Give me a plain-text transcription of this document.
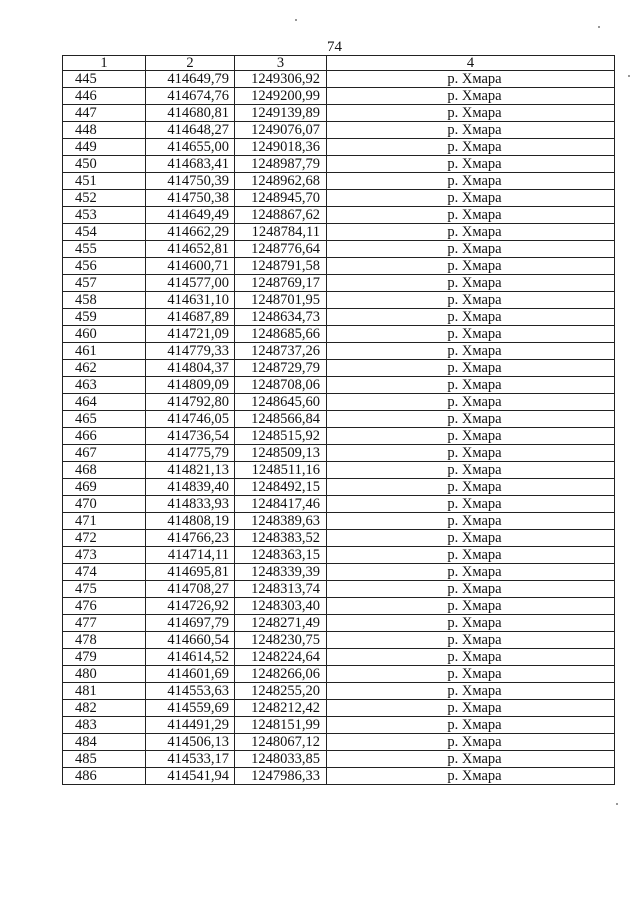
74
1	2	3	4
445	414649,79	1249306,92	р. Хмара
446	414674,76	1249200,99	р. Хмара
447	414680,81	1249139,89	р. Хмара
448	414648,27	1249076,07	р. Хмара
449	414655,00	1249018,36	р. Хмара
450	414683,41	1248987,79	р. Хмара
451	414750,39	1248962,68	р. Хмара
452	414750,38	1248945,70	р. Хмара
453	414649,49	1248867,62	р. Хмара
454	414662,29	1248784,11	р. Хмара
455	414652,81	1248776,64	р. Хмара
456	414600,71	1248791,58	р. Хмара
457	414577,00	1248769,17	р. Хмара
458	414631,10	1248701,95	р. Хмара
459	414687,89	1248634,73	р. Хмара
460	414721,09	1248685,66	р. Хмара
461	414779,33	1248737,26	р. Хмара
462	414804,37	1248729,79	р. Хмара
463	414809,09	1248708,06	р. Хмара
464	414792,80	1248645,60	р. Хмара
465	414746,05	1248566,84	р. Хмара
466	414736,54	1248515,92	р. Хмара
467	414775,79	1248509,13	р. Хмара
468	414821,13	1248511,16	р. Хмара
469	414839,40	1248492,15	р. Хмара
470	414833,93	1248417,46	р. Хмара
471	414808,19	1248389,63	р. Хмара
472	414766,23	1248383,52	р. Хмара
473	414714,11	1248363,15	р. Хмара
474	414695,81	1248339,39	р. Хмара
475	414708,27	1248313,74	р. Хмара
476	414726,92	1248303,40	р. Хмара
477	414697,79	1248271,49	р. Хмара
478	414660,54	1248230,75	р. Хмара
479	414614,52	1248224,64	р. Хмара
480	414601,69	1248266,06	р. Хмара
481	414553,63	1248255,20	р. Хмара
482	414559,69	1248212,42	р. Хмара
483	414491,29	1248151,99	р. Хмара
484	414506,13	1248067,12	р. Хмара
485	414533,17	1248033,85	р. Хмара
486	414541,94	1247986,33	р. Хмара
